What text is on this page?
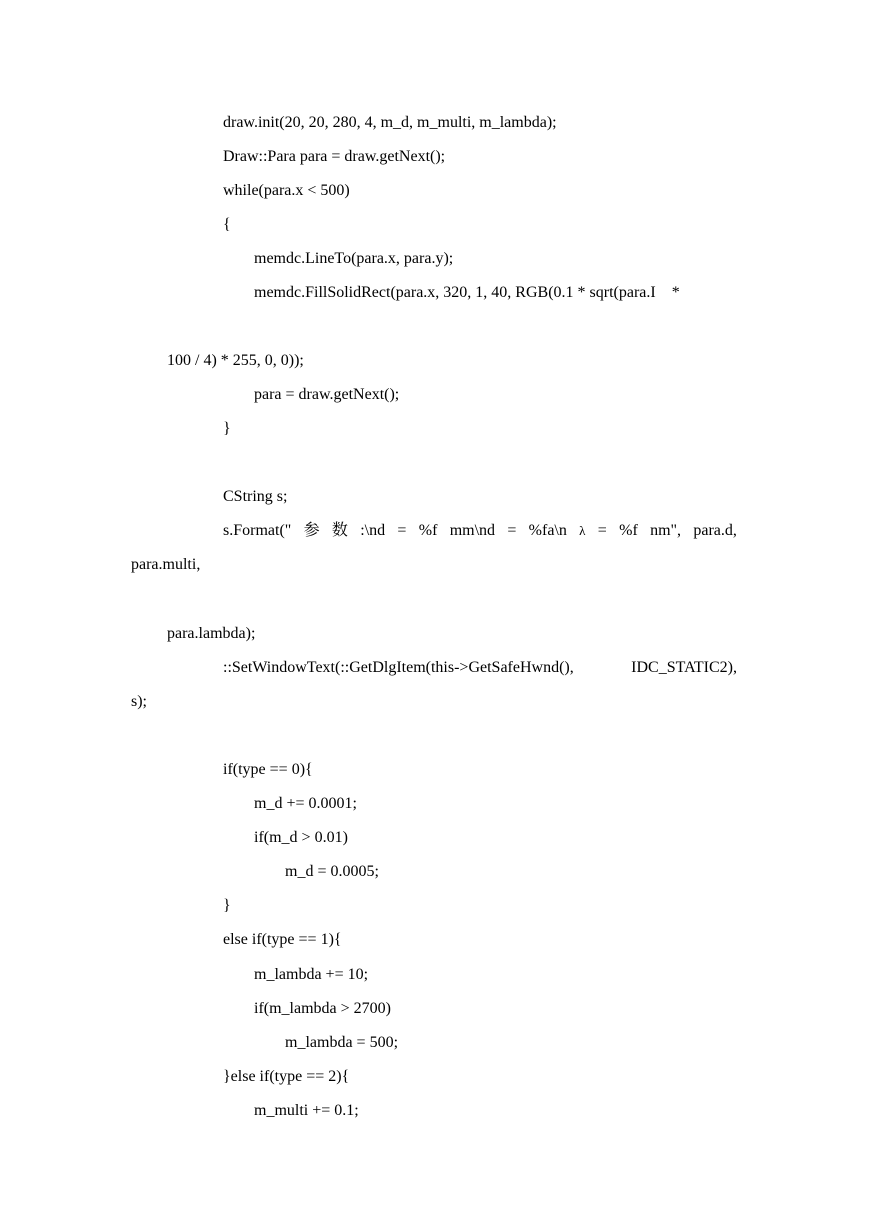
draw.init(20, 20, 280, 4, m_d, m_multi, m_lambda);
Draw::Para para = draw.getNext();
while(para.x < 500)
{
memdc.LineTo(para.x, para.y);
memdc.FillSolidRect(para.x, 320, 1, 40, RGB(0.1 * sqrt(para.I    *
100 / 4) * 255, 0, 0));
para = draw.getNext();
}
CString s;
s.Format(" 参 数 :\nd = %f mm\nd = %fa\n λ = %f nm", para.d,
para.multi,
para.lambda);
::SetWindowText(::GetDlgItem(this->GetSafeHwnd(),	IDC_STATIC2),
s);
if(type == 0){
m_d += 0.0001;
if(m_d > 0.01)
m_d = 0.0005;
}
else if(type == 1){
m_lambda += 10;
if(m_lambda > 2700)
m_lambda = 500;
}else if(type == 2){
m_multi += 0.1;
